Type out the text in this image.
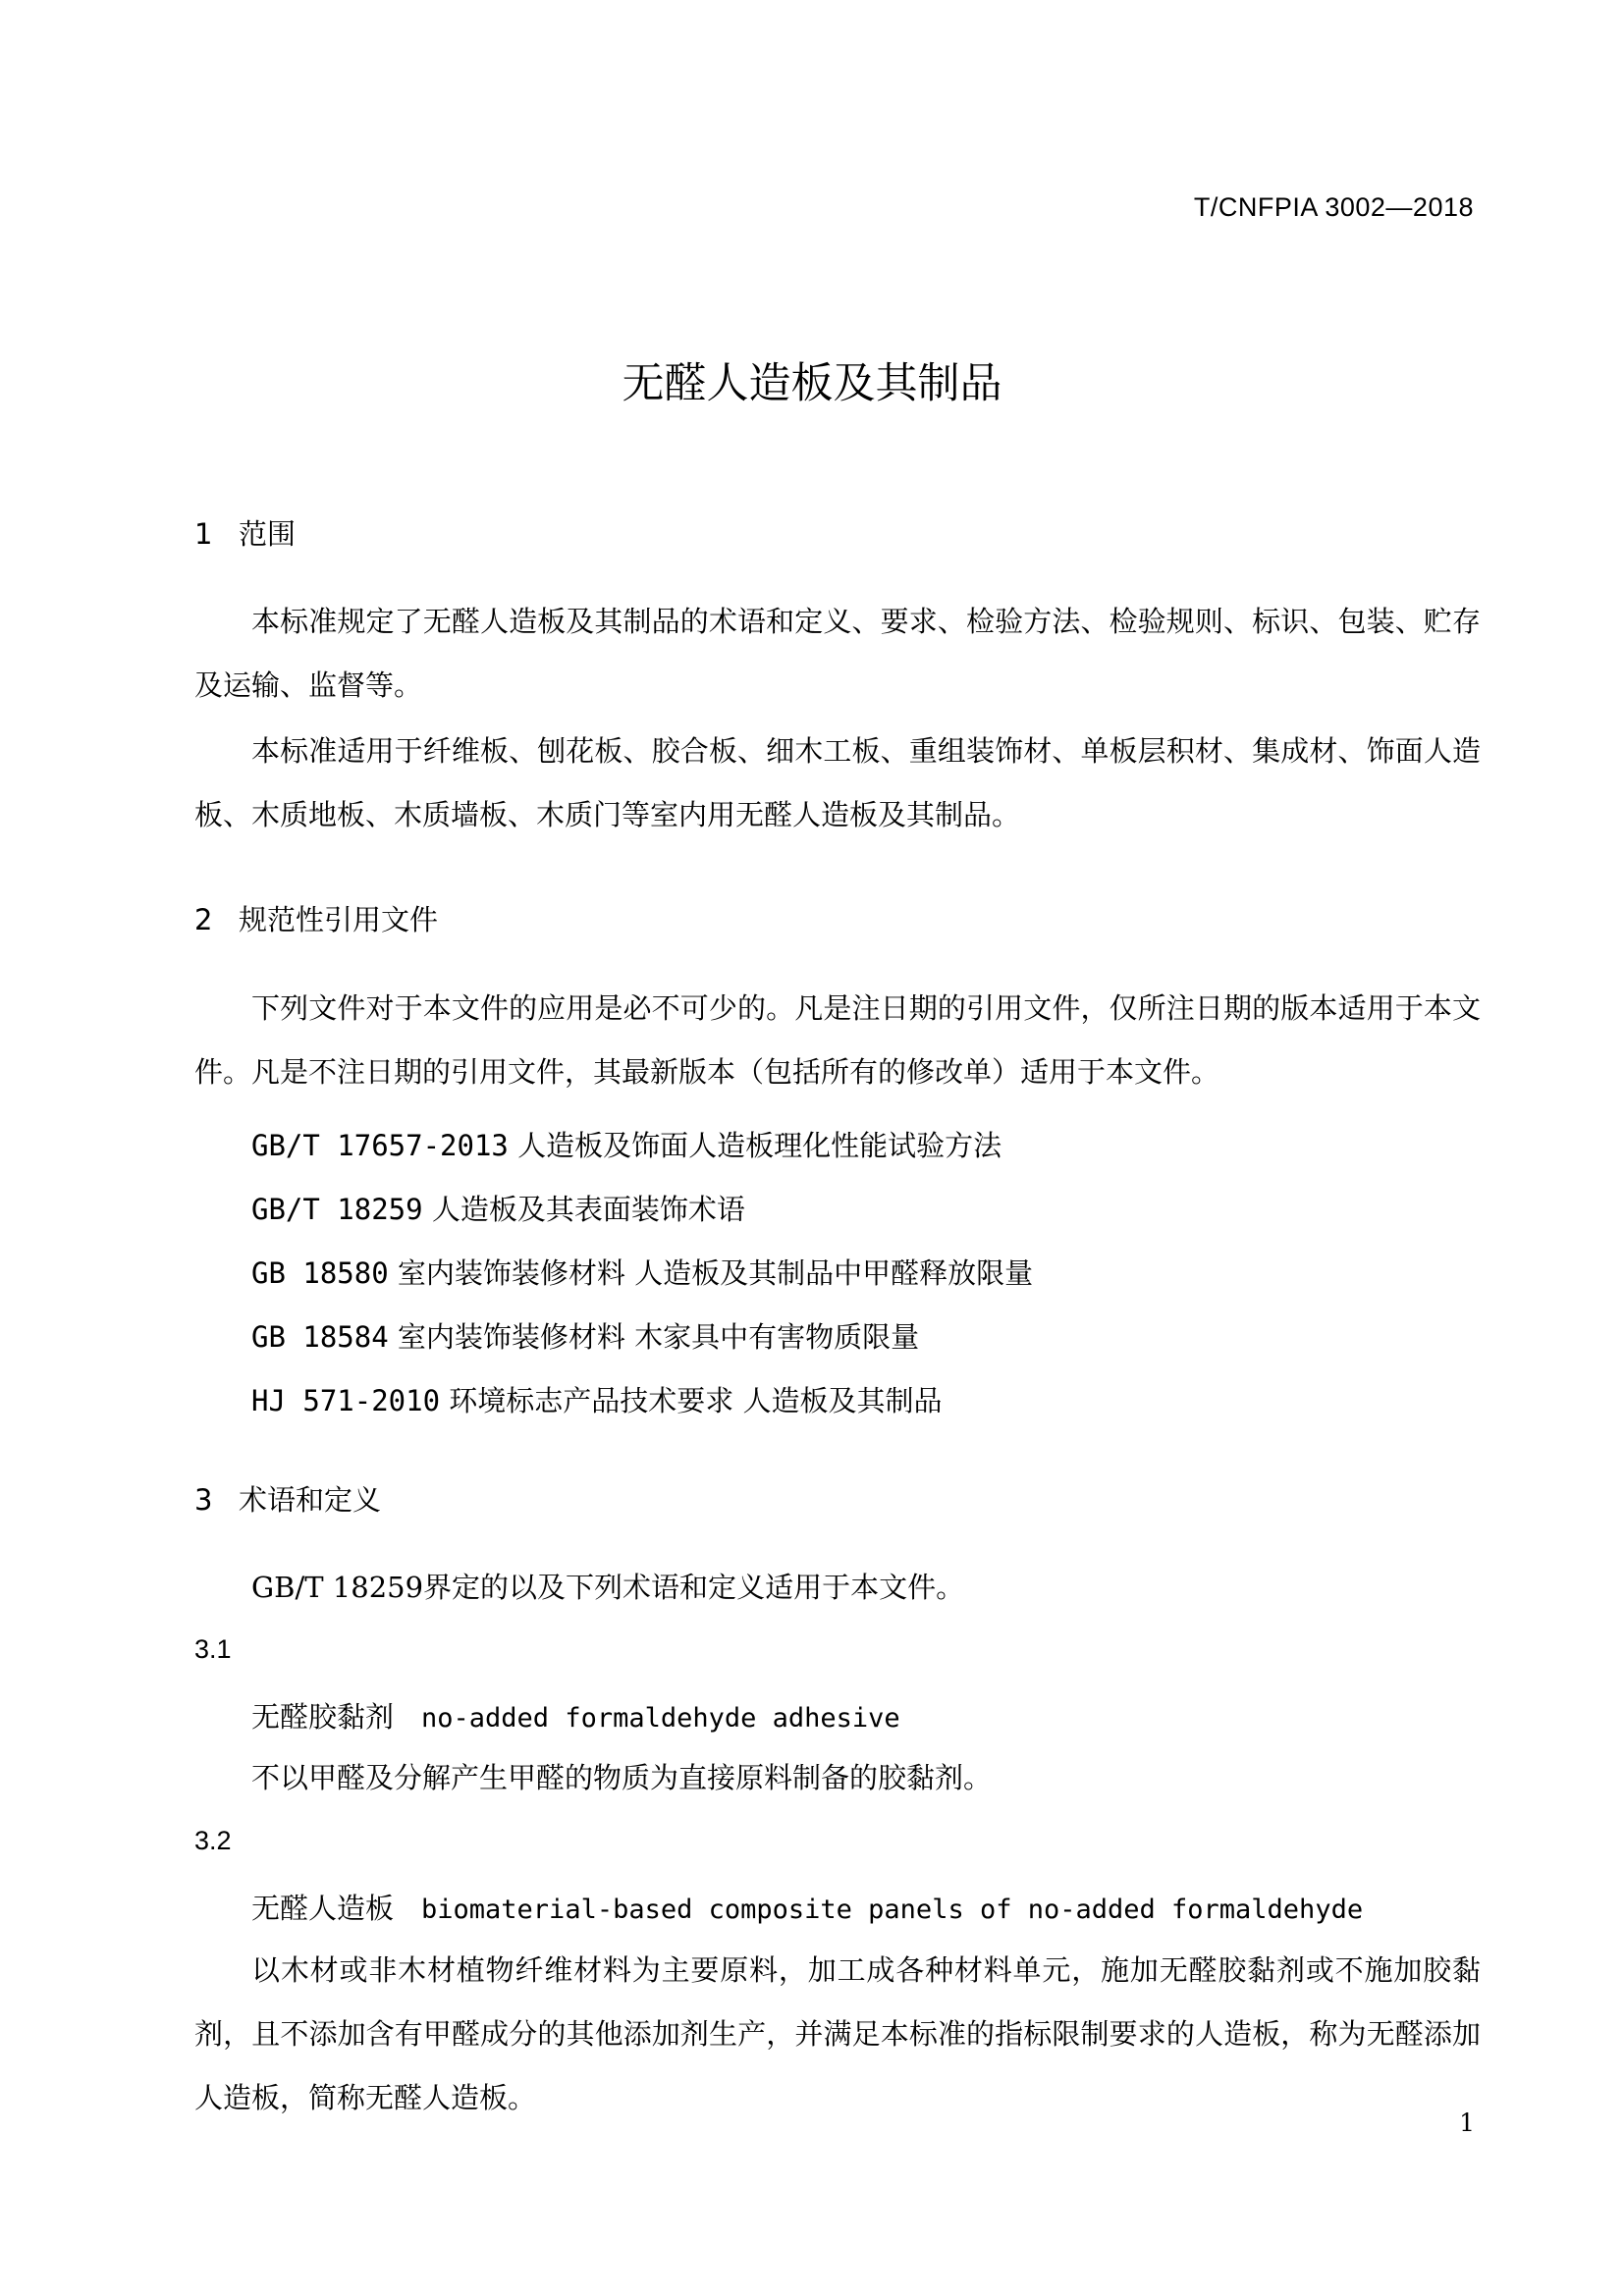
T/CNFPIA 3002—2018
无醛人造板及其制品
1 范围
本标准规定了无醛人造板及其制品的术语和定义、要求、检验方法、检验规则、标识、包装、贮存及运输、监督等。
本标准适用于纤维板、刨花板、胶合板、细木工板、重组装饰材、单板层积材、集成材、饰面人造板、木质地板、木质墙板、木质门等室内用无醛人造板及其制品。
2 规范性引用文件
下列文件对于本文件的应用是必不可少的。凡是注日期的引用文件，仅所注日期的版本适用于本文件。凡是不注日期的引用文件，其最新版本（包括所有的修改单）适用于本文件。
GB/T 17657-2013 人造板及饰面人造板理化性能试验方法
GB/T 18259 人造板及其表面装饰术语
GB 18580 室内装饰装修材料 人造板及其制品中甲醛释放限量
GB 18584 室内装饰装修材料 木家具中有害物质限量
HJ 571-2010 环境标志产品技术要求 人造板及其制品
3 术语和定义
GB/T 18259界定的以及下列术语和定义适用于本文件。
3.1
无醛胶黏剂 no-added formaldehyde adhesive
不以甲醛及分解产生甲醛的物质为直接原料制备的胶黏剂。
3.2
无醛人造板 biomaterial-based composite panels of no-added formaldehyde
以木材或非木材植物纤维材料为主要原料，加工成各种材料单元，施加无醛胶黏剂或不施加胶黏剂，且不添加含有甲醛成分的其他添加剂生产，并满足本标准的指标限制要求的人造板，称为无醛添加人造板，简称无醛人造板。
1
